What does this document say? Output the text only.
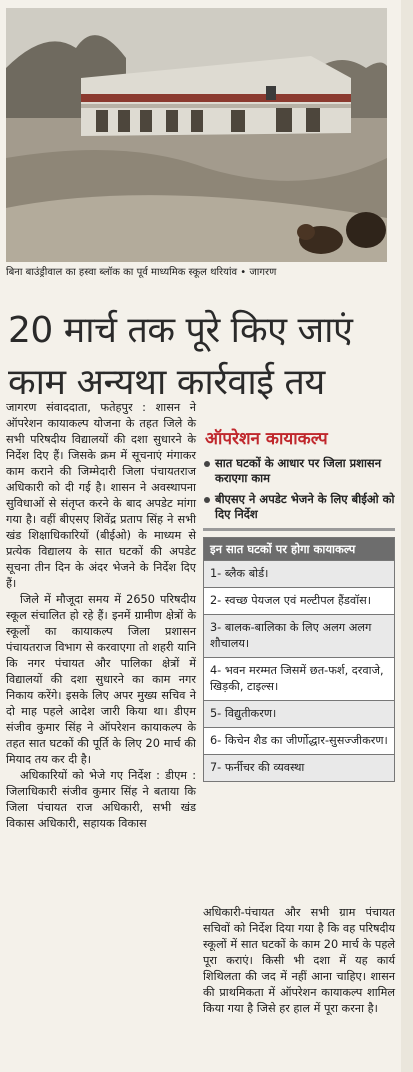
बिना बाउंड्रीवाल का हस्वा ब्लॉक का पूर्व माध्यमिक स्कूल थरियांव • जागरण
20 मार्च तक पूरे किए जाएं
काम अन्यथा कार्रवाई तय

जागरण संवाददाता, फतेहपुर : शासन ने ऑपरेशन कायाकल्प योजना के तहत जिले के सभी परिषदीय विद्यालयों की दशा सुधारने के निर्देश दिए हैं। जिसके क्रम में सूचनाएं मंगाकर काम कराने की जिम्मेदारी जिला पंचायतराज अधिकारी को दी गई है। शासन ने अवस्थापना सुविधाओं से संतृप्त करने के बाद अपडेट मांगा गया है। वहीं बीएसए शिवेंद्र प्रताप सिंह ने सभी खंड शिक्षाधिकारियों (बीईओ) के माध्यम से प्रत्येक विद्यालय के सात घटकों की अपडेट सूचना तीन दिन के अंदर भेजने के निर्देश दिए हैं।

जिले में मौजूदा समय में 2650 परिषदीय स्कूल संचालित हो रहे हैं। इनमें ग्रामीण क्षेत्रों के स्कूलों का कायाकल्प जिला प्रशासन पंचायतराज विभाग से करवाएगा तो शहरी यानि कि नगर पंचायत और पालिका क्षेत्रों में विद्यालयों की दशा सुधारने का काम नगर निकाय करेंगे। इसके लिए अपर मुख्य सचिव ने दो माह पहले आदेश जारी किया था। डीएम संजीव कुमार सिंह ने ऑपरेशन कायाकल्प के तहत सात घटकों की पूर्ति के लिए 20 मार्च की मियाद तय कर दी है।

अधिकारियों को भेजे गए निर्देश : डीएम : जिलाधिकारी संजीव कुमार सिंह ने बताया कि जिला पंचायत राज अधिकारी, सभी खंड विकास अधिकारी, सहायक विकास

ऑपरेशन कायाकल्प
सात घटकों के आधार पर जिला प्रशासन कराएगा काम
बीएसए ने अपडेट भेजने के लिए बीईओ को दिए निर्देश
इन सात घटकों पर होगा कायाकल्प
1- ब्लैक बोर्ड।
2- स्वच्छ पेयजल एवं मल्टीपल हैंडवॉस।
3- बालक-बालिका के लिए अलग अलग शौचालय।
4- भवन मरम्मत जिसमें छत-फर्श, दरवाजे, खिड़की, टाइल्स।
5- विद्युतीकरण।
6- किचेन शैड का जीर्णोद्धार-सुसज्जीकरण।
7- फर्नीचर की व्यवस्था

अधिकारी-पंचायत और सभी ग्राम पंचायत सचिवों को निर्देश दिया गया है कि वह परिषदीय स्कूलों में सात घटकों के काम 20 मार्च के पहले पूरा कराएं। किसी भी दशा में यह कार्य शिथिलता की जद में नहीं आना चाहिए। शासन की प्राथमिकता में ऑपरेशन कायाकल्प शामिल किया गया है जिसे हर हाल में पूरा करना है।
